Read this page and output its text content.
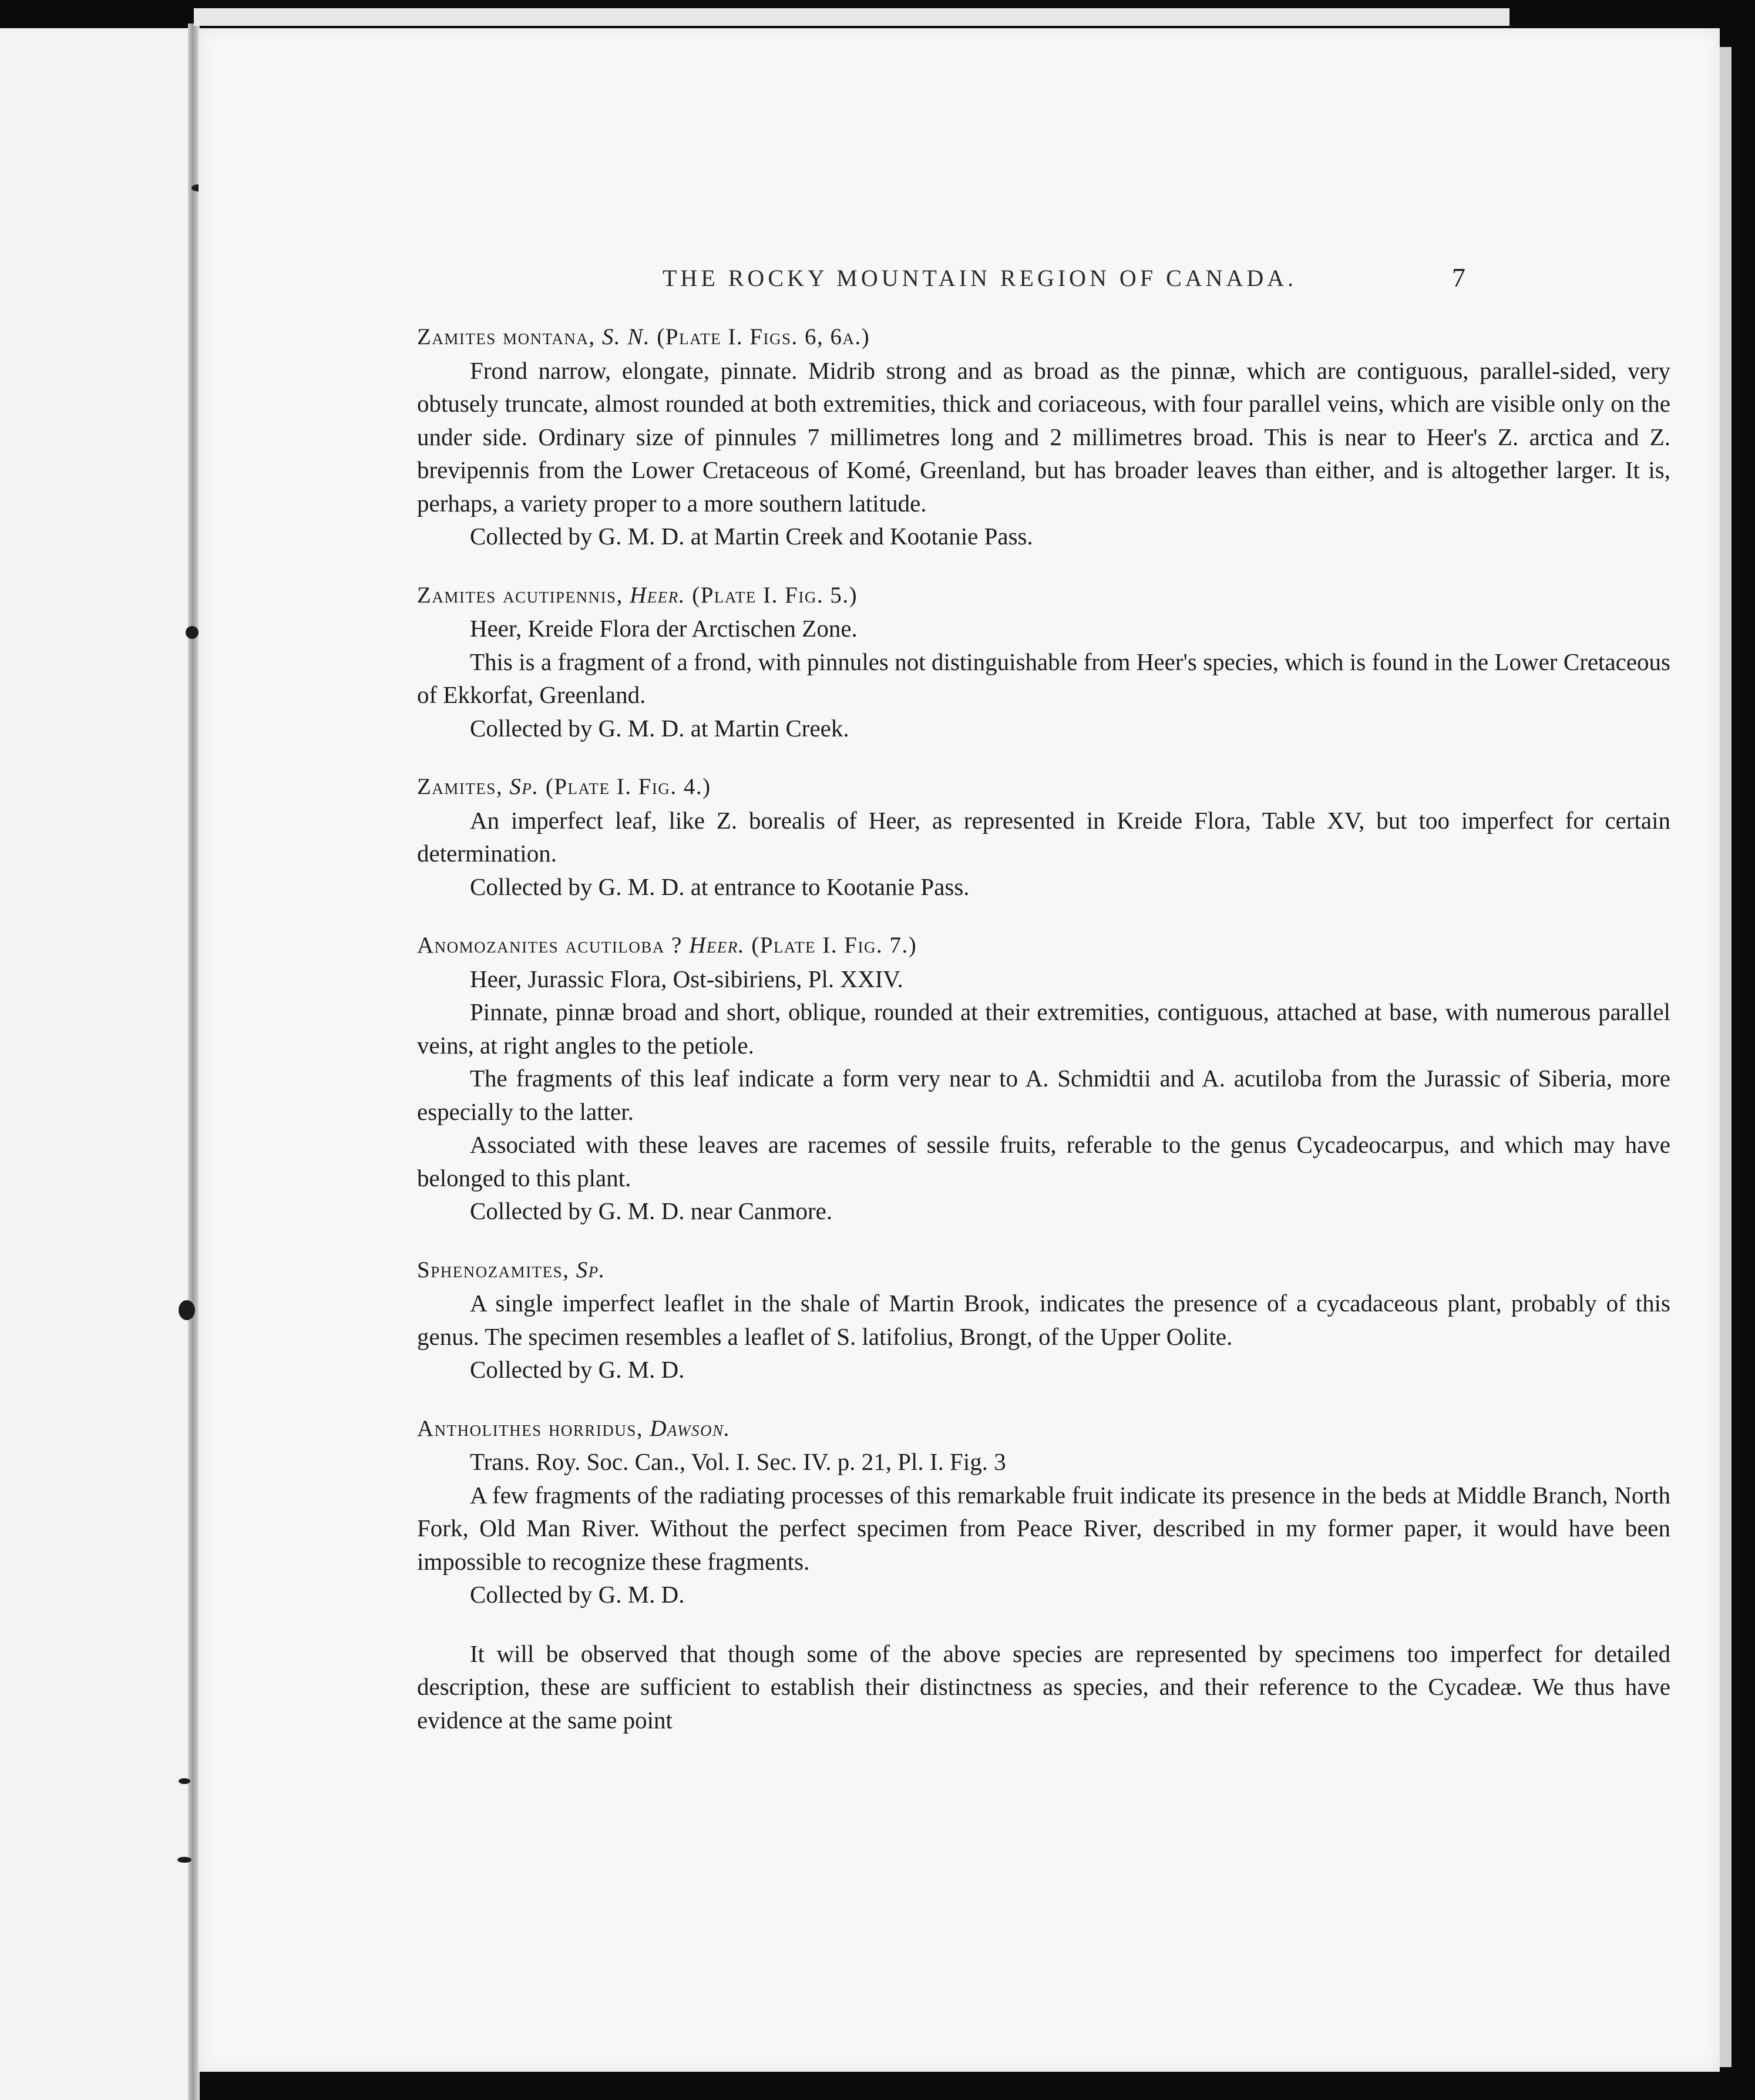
THE ROCKY MOUNTAIN REGION OF CANADA.	7

Zamites montana, S. N. (Plate I. Figs. 6, 6a.)

Frond narrow, elongate, pinnate. Midrib strong and as broad as the pinnæ, which are contiguous, parallel-sided, very obtusely truncate, almost rounded at both extremities, thick and coriaceous, with four parallel veins, which are visible only on the under side. Ordinary size of pinnules 7 millimetres long and 2 millimetres broad. This is near to Heer's Z. arctica and Z. brevipennis from the Lower Cretaceous of Komé, Greenland, but has broader leaves than either, and is altogether larger. It is, perhaps, a variety proper to a more southern latitude.

Collected by G. M. D. at Martin Creek and Kootanie Pass.

Zamites acutipennis, Heer. (Plate I. Fig. 5.)

Heer, Kreide Flora der Arctischen Zone.

This is a fragment of a frond, with pinnules not distinguishable from Heer's species, which is found in the Lower Cretaceous of Ekkorfat, Greenland.

Collected by G. M. D. at Martin Creek.

Zamites, Sp. (Plate I. Fig. 4.)

An imperfect leaf, like Z. borealis of Heer, as represented in Kreide Flora, Table XV, but too imperfect for certain determination.

Collected by G. M. D. at entrance to Kootanie Pass.

Anomozanites acutiloba ? Heer. (Plate I. Fig. 7.)

Heer, Jurassic Flora, Ost-sibiriens, Pl. XXIV.

Pinnate, pinnæ broad and short, oblique, rounded at their extremities, contiguous, attached at base, with numerous parallel veins, at right angles to the petiole.

The fragments of this leaf indicate a form very near to A. Schmidtii and A. acutiloba from the Jurassic of Siberia, more especially to the latter.

Associated with these leaves are racemes of sessile fruits, referable to the genus Cycadeocarpus, and which may have belonged to this plant.

Collected by G. M. D. near Canmore.

Sphenozamites, Sp.

A single imperfect leaflet in the shale of Martin Brook, indicates the presence of a cycadaceous plant, probably of this genus. The specimen resembles a leaflet of S. latifolius, Brongt, of the Upper Oolite.

Collected by G. M. D.

Antholithes horridus, Dawson.

Trans. Roy. Soc. Can., Vol. I. Sec. IV. p. 21, Pl. I. Fig. 3

A few fragments of the radiating processes of this remarkable fruit indicate its presence in the beds at Middle Branch, North Fork, Old Man River. Without the perfect specimen from Peace River, described in my former paper, it would have been impossible to recognize these fragments.

Collected by G. M. D.

It will be observed that though some of the above species are represented by specimens too imperfect for detailed description, these are sufficient to establish their distinctness as species, and their reference to the Cycadeæ. We thus have evidence at the same point
